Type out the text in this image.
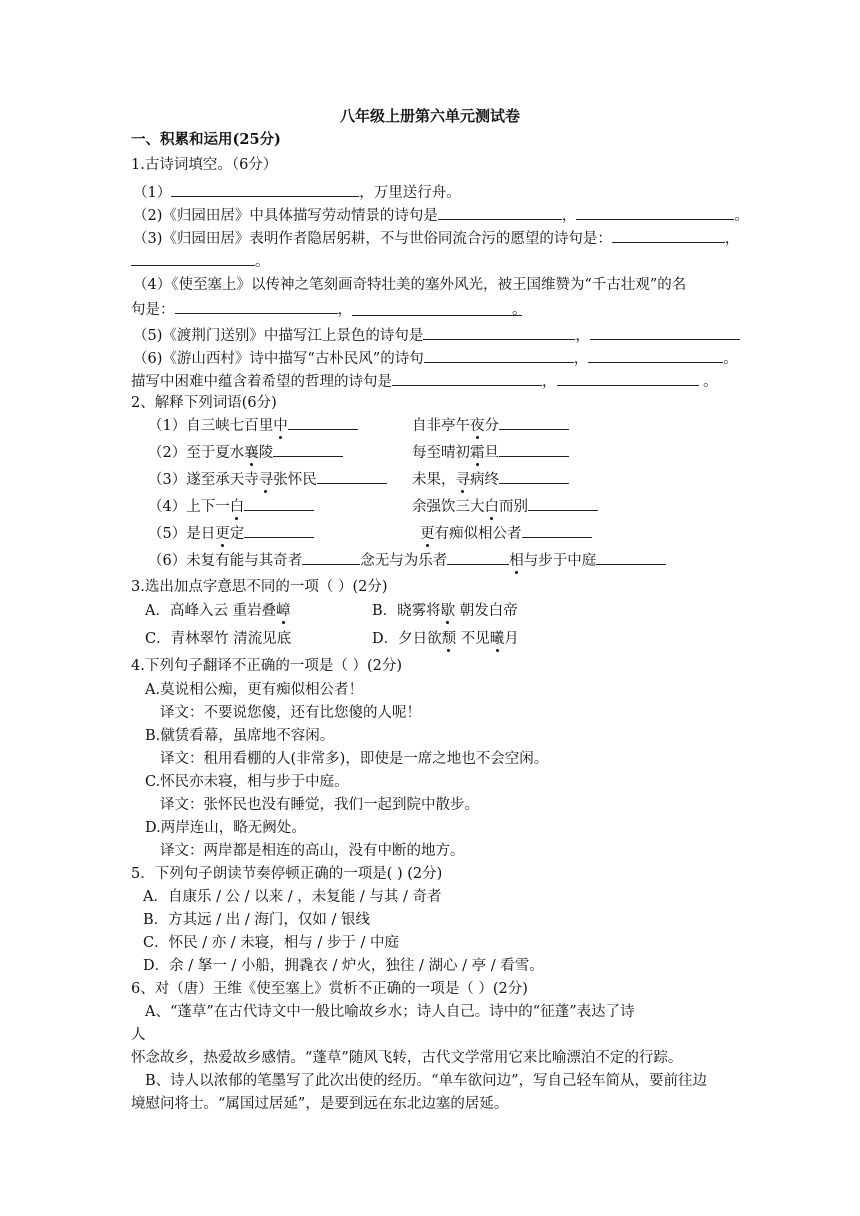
八年级上册第六单元测试卷
一、积累和运用(25分)
1.古诗词填空。（6分）
（1）	，万里送行舟。
（2)《归园田居》中具体描写劳动情景的诗句是	，	。
（3)《归园田居》表明作者隐居躬耕，不与世俗同流合污的愿望的诗句是：	，
。
（4）《使至塞上》以传神之笔刻画奇特壮美的塞外风光，被王国维赞为“千古壮观”的名
句是：	，	。
（5)《渡荆门送别》中描写江上景色的诗句是	，
（6)《游山西村》诗中描写“古朴民风”的诗句	，	。
描写中困难中蕴含着希望的哲理的诗句是	，	。
2、解释下列词语(6分)
（1）自三峡七百里中	自非亭午夜分
（2）至于夏水襄陵	每至晴初霜旦
（3）遂至承天寺寻张怀民	未果，寻病终
（4）上下一白	余强饮三大白而别
（5）是日更定	更有痴似相公者
（6）未复有能与其奇者	念无与为乐者	相与步于中庭
3.选出加点字意思不同的一项（ ）(2分)
A．高峰入云 重岩叠嶂	B．晓雾将歇 朝发白帝
C．青林翠竹 清流见底	D．夕日欲颓 不见曦月
4.下列句子翻译不正确的一项是（ ）(2分)
A.莫说相公痴，更有痴似相公者！
译文：不要说您傻，还有比您傻的人呢！
B.僦赁看幕，虽席地不容闲。
译文：租用看棚的人(非常多)，即使是一席之地也不会空闲。
C.怀民亦未寝，相与步于中庭。
译文：张怀民也没有睡觉，我们一起到院中散步。
D.两岸连山，略无阙处。
译文：两岸都是相连的高山，没有中断的地方。
5．下列句子朗读节奏停顿正确的一项是( ) (2分)
A．自康乐 / 公 / 以来 / ，未复能 / 与其 / 奇者
B．方其远 / 出 / 海门，仅如 / 银线
C．怀民 / 亦 / 未寝，相与 / 步于 / 中庭
D．余 / 拏一 / 小船，拥毳衣 / 炉火，独往 / 湖心 / 亭 / 看雪。
6、对（唐）王维《使至塞上》赏析不正确的一项是（ ）(2分)
A、“蓬草”在古代诗文中一般比喻故乡水；诗人自己。诗中的“征蓬”表达了诗
人
怀念故乡，热爱故乡感情。“蓬草”随风飞转，古代文学常用它来比喻漂泊不定的行踪。
B、诗人以浓郁的笔墨写了此次出使的经历。“单车欲问边”，写自己轻车简从，要前往边
境慰问将士。“属国过居延”，是要到远在东北边塞的居延。
